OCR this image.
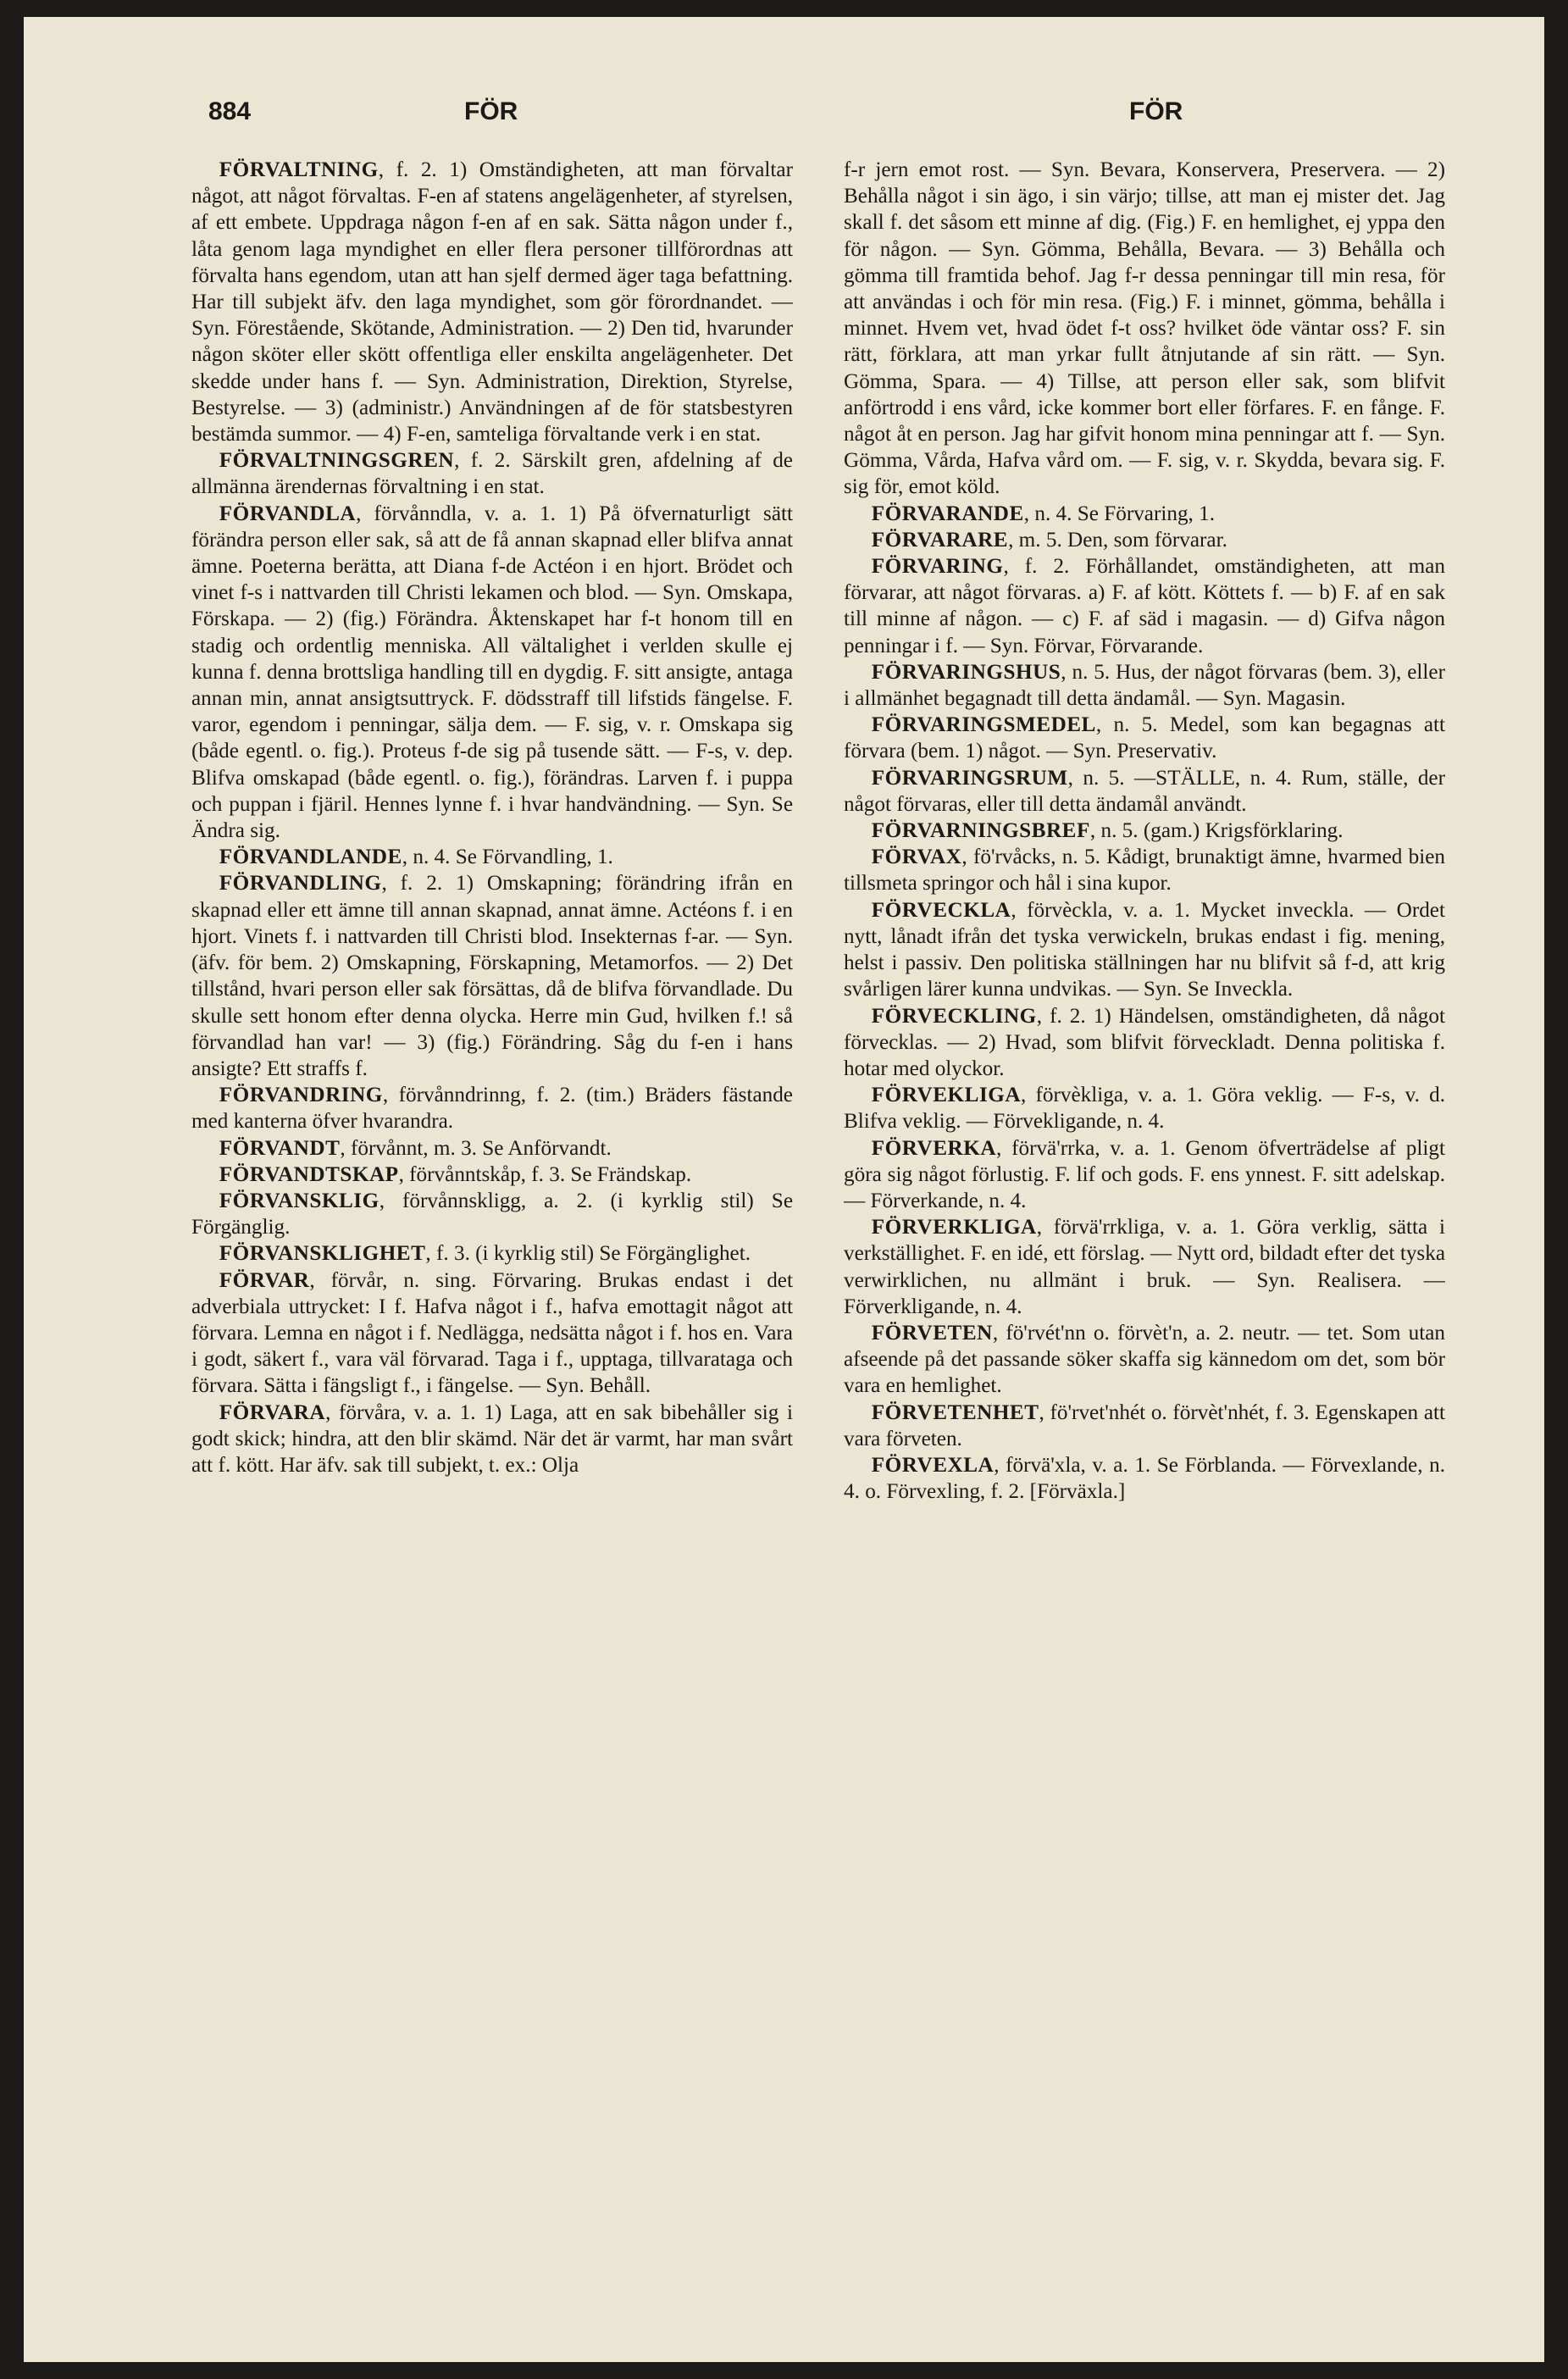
884	FÖR	FÖR

FÖRVALTNING, f. 2. 1) Omständigheten, att man förvaltar något, att något förvaltas. F-en af statens angelägenheter, af styrelsen, af ett embete. Uppdraga någon f-en af en sak. Sätta någon under f., låta genom laga myndighet en eller flera personer tillförordnas att förvalta hans egendom, utan att han sjelf dermed äger taga befattning. Har till subjekt äfv. den laga myndighet, som gör förordnandet. — Syn. Förestående, Skötande, Administration. — 2) Den tid, hvarunder någon sköter eller skött offentliga eller enskilta angelägenheter. Det skedde under hans f. — Syn. Administration, Direktion, Styrelse, Bestyrelse. — 3) (administr.) Användningen af de för statsbestyren bestämda summor. — 4) F-en, samteliga förvaltande verk i en stat.

FÖRVALTNINGSGREN, f. 2. Särskilt gren, afdelning af de allmänna ärendernas förvaltning i en stat.

FÖRVANDLA, förvånndla, v. a. 1. 1) På öfvernaturligt sätt förändra person eller sak, så att de få annan skapnad eller blifva annat ämne. Poeterna berätta, att Diana f-de Actéon i en hjort. Brödet och vinet f-s i nattvarden till Christi lekamen och blod. — Syn. Omskapa, Förskapa. — 2) (fig.) Förändra. Åktenskapet har f-t honom till en stadig och ordentlig menniska. All vältalighet i verlden skulle ej kunna f. denna brottsliga handling till en dygdig. F. sitt ansigte, antaga annan min, annat ansigtsuttryck. F. dödsstraff till lifstids fängelse. F. varor, egendom i penningar, sälja dem. — F. sig, v. r. Omskapa sig (både egentl. o. fig.). Proteus f-de sig på tusende sätt. — F-s, v. dep. Blifva omskapad (både egentl. o. fig.), förändras. Larven f. i puppa och puppan i fjäril. Hennes lynne f. i hvar handvändning. — Syn. Se Ändra sig.

FÖRVANDLANDE, n. 4. Se Förvandling, 1.

FÖRVANDLING, f. 2. 1) Omskapning; förändring ifrån en skapnad eller ett ämne till annan skapnad, annat ämne. Actéons f. i en hjort. Vinets f. i nattvarden till Christi blod. Insekternas f-ar. — Syn. (äfv. för bem. 2) Omskapning, Förskapning, Metamorfos. — 2) Det tillstånd, hvari person eller sak försättas, då de blifva förvandlade. Du skulle sett honom efter denna olycka. Herre min Gud, hvilken f.! så förvandlad han var! — 3) (fig.) Förändring. Såg du f-en i hans ansigte? Ett straffs f.

FÖRVANDRING, förvånndrinng, f. 2. (tim.) Bräders fästande med kanterna öfver hvarandra.

FÖRVANDT, förvånnt, m. 3. Se Anförvandt.

FÖRVANDTSKAP, förvånntskåp, f. 3. Se Frändskap.

FÖRVANSKLIG, förvånnskligg, a. 2. (i kyrklig stil) Se Förgänglig.

FÖRVANSKLIGHET, f. 3. (i kyrklig stil) Se Förgänglighet.

FÖRVAR, förvår, n. sing. Förvaring. Brukas endast i det adverbiala uttrycket: I f. Hafva något i f., hafva emottagit något att förvara. Lemna en något i f. Nedlägga, nedsätta något i f. hos en. Vara i godt, säkert f., vara väl förvarad. Taga i f., upptaga, tillvarataga och förvara. Sätta i fängsligt f., i fängelse. — Syn. Behåll.

FÖRVARA, förvåra, v. a. 1. 1) Laga, att en sak bibehåller sig i godt skick; hindra, att den blir skämd. När det är varmt, har man svårt att f. kött. Har äfv. sak till subjekt, t. ex.: Olja

f-r jern emot rost. — Syn. Bevara, Konservera, Preservera. — 2) Behålla något i sin ägo, i sin värjo; tillse, att man ej mister det. Jag skall f. det såsom ett minne af dig. (Fig.) F. en hemlighet, ej yppa den för någon. — Syn. Gömma, Behålla, Bevara. — 3) Behålla och gömma till framtida behof. Jag f-r dessa penningar till min resa, för att användas i och för min resa. (Fig.) F. i minnet, gömma, behålla i minnet. Hvem vet, hvad ödet f-t oss? hvilket öde väntar oss? F. sin rätt, förklara, att man yrkar fullt åtnjutande af sin rätt. — Syn. Gömma, Spara. — 4) Tillse, att person eller sak, som blifvit anförtrodd i ens vård, icke kommer bort eller förfares. F. en fånge. F. något åt en person. Jag har gifvit honom mina penningar att f. — Syn. Gömma, Vårda, Hafva vård om. — F. sig, v. r. Skydda, bevara sig. F. sig för, emot köld.

FÖRVARANDE, n. 4. Se Förvaring, 1.

FÖRVARARE, m. 5. Den, som förvarar.

FÖRVARING, f. 2. Förhållandet, omständigheten, att man förvarar, att något förvaras. a) F. af kött. Köttets f. — b) F. af en sak till minne af någon. — c) F. af säd i magasin. — d) Gifva någon penningar i f. — Syn. Förvar, Förvarande.

FÖRVARINGSHUS, n. 5. Hus, der något förvaras (bem. 3), eller i allmänhet begagnadt till detta ändamål. — Syn. Magasin.

FÖRVARINGSMEDEL, n. 5. Medel, som kan begagnas att förvara (bem. 1) något. — Syn. Preservativ.

FÖRVARINGSRUM, n. 5. —STÄLLE, n. 4. Rum, ställe, der något förvaras, eller till detta ändamål användt.

FÖRVARNINGSBREF, n. 5. (gam.) Krigsförklaring.

FÖRVAX, fö'rvåcks, n. 5. Kådigt, brunaktigt ämne, hvarmed bien tillsmeta springor och hål i sina kupor.

FÖRVECKLA, förvèckla, v. a. 1. Mycket inveckla. — Ordet nytt, lånadt ifrån det tyska verwickeln, brukas endast i fig. mening, helst i passiv. Den politiska ställningen har nu blifvit så f-d, att krig svårligen lärer kunna undvikas. — Syn. Se Inveckla.

FÖRVECKLING, f. 2. 1) Händelsen, omständigheten, då något förvecklas. — 2) Hvad, som blifvit förveckladt. Denna politiska f. hotar med olyckor.

FÖRVEKLIGA, förvèkliga, v. a. 1. Göra veklig. — F-s, v. d. Blifva veklig. — Förvekligande, n. 4.

FÖRVERKA, förvä'rrka, v. a. 1. Genom öfverträdelse af pligt göra sig något förlustig. F. lif och gods. F. ens ynnest. F. sitt adelskap. — Förverkande, n. 4.

FÖRVERKLIGA, förvä'rrkliga, v. a. 1. Göra verklig, sätta i verkställighet. F. en idé, ett förslag. — Nytt ord, bildadt efter det tyska verwirklichen, nu allmänt i bruk. — Syn. Realisera. — Förverkligande, n. 4.

FÖRVETEN, fö'rvét'nn o. förvèt'n, a. 2. neutr. — tet. Som utan afseende på det passande söker skaffa sig kännedom om det, som bör vara en hemlighet.

FÖRVETENHET, fö'rvet'nhét o. förvèt'nhét, f. 3. Egenskapen att vara förveten.

FÖRVEXLA, förvä'xla, v. a. 1. Se Förblanda. — Förvexlande, n. 4. o. Förvexling, f. 2. [Förväxla.]
